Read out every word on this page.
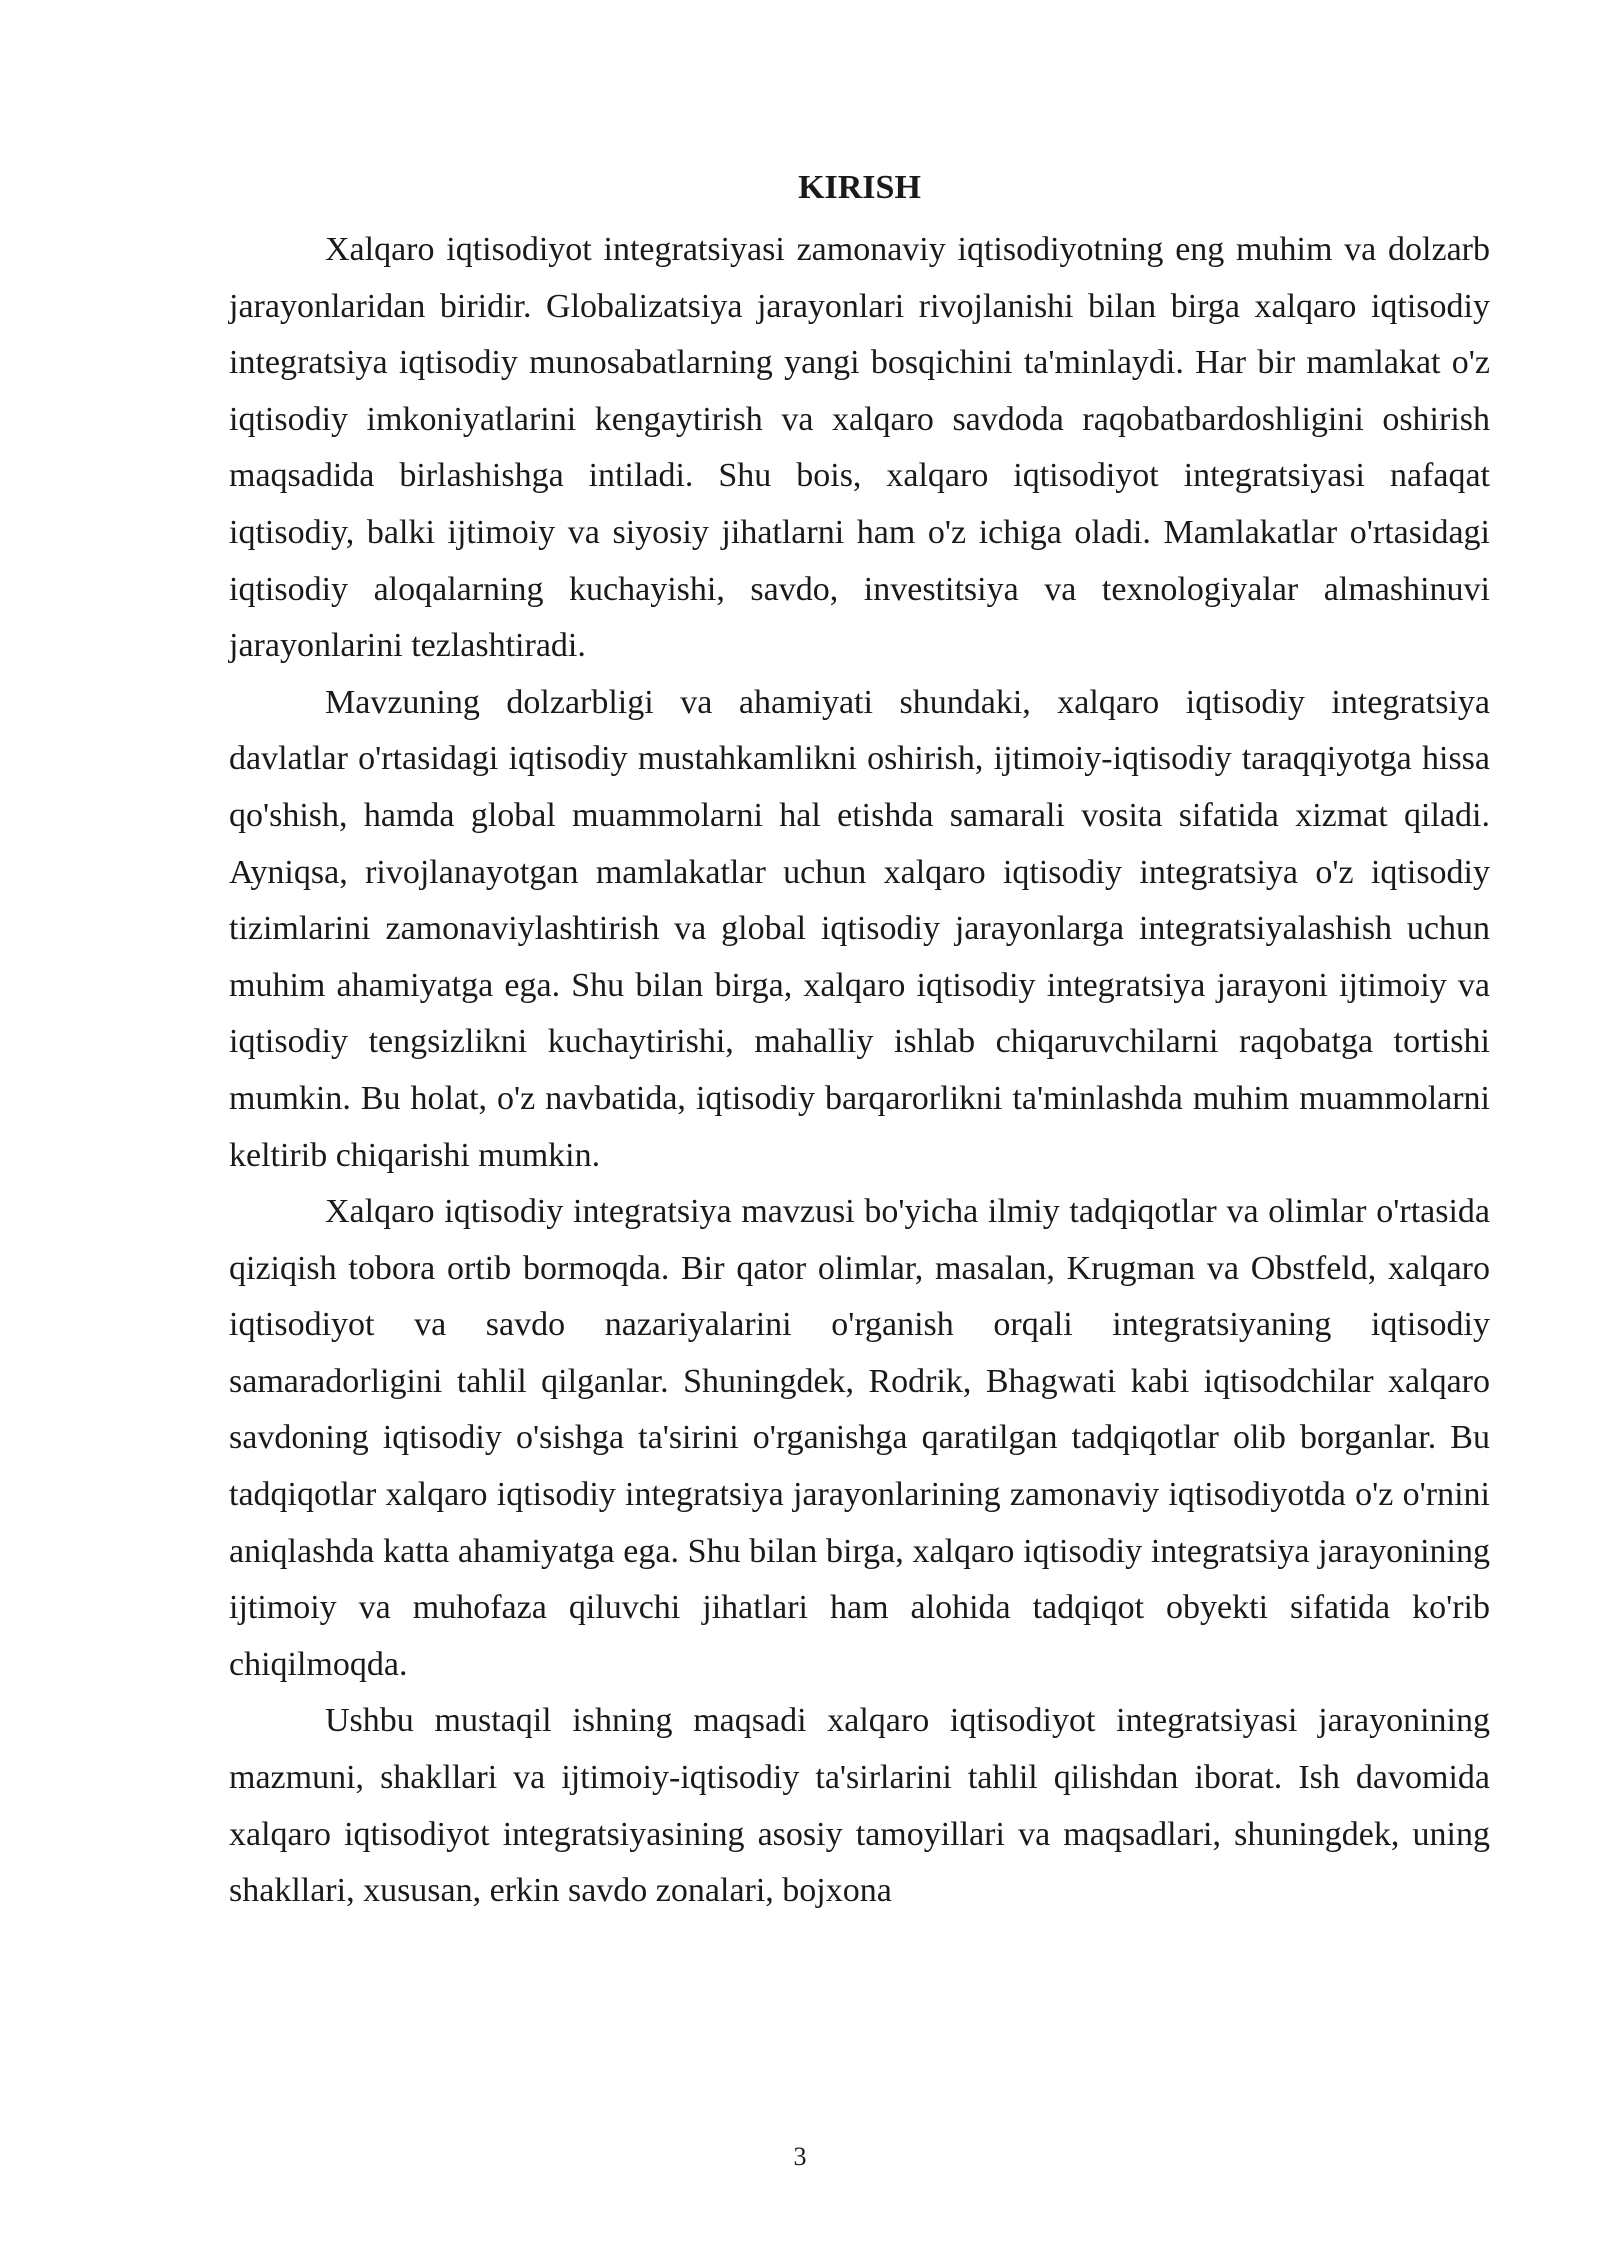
KIRISH

Xalqaro iqtisodiyot integratsiyasi zamonaviy iqtisodiyotning eng muhim va dolzarb jarayonlaridan biridir. Globalizatsiya jarayonlari rivojlanishi bilan birga xalqaro iqtisodiy integratsiya iqtisodiy munosabatlarning yangi bosqichini ta'minlaydi. Har bir mamlakat o'z iqtisodiy imkoniyatlarini kengaytirish va xalqaro savdoda raqobatbardoshligini oshirish maqsadida birlashishga intiladi. Shu bois, xalqaro iqtisodiyot integratsiyasi nafaqat iqtisodiy, balki ijtimoiy va siyosiy jihatlarni ham o'z ichiga oladi. Mamlakatlar o'rtasidagi iqtisodiy aloqalarning kuchayishi, savdo, investitsiya va texnologiyalar almashinuvi jarayonlarini tezlashtiradi.

Mavzuning dolzarbligi va ahamiyati shundaki, xalqaro iqtisodiy integratsiya davlatlar o'rtasidagi iqtisodiy mustahkamlikni oshirish, ijtimoiy-iqtisodiy taraqqiyotga hissa qo'shish, hamda global muammolarni hal etishda samarali vosita sifatida xizmat qiladi. Ayniqsa, rivojlanayotgan mamlakatlar uchun xalqaro iqtisodiy integratsiya o'z iqtisodiy tizimlarini zamonaviylashtirish va global iqtisodiy jarayonlarga integratsiyalashish uchun muhim ahamiyatga ega. Shu bilan birga, xalqaro iqtisodiy integratsiya jarayoni ijtimoiy va iqtisodiy tengsizlikni kuchaytirishi, mahalliy ishlab chiqaruvchilarni raqobatga tortishi mumkin. Bu holat, o'z navbatida, iqtisodiy barqarorlikni ta'minlashda muhim muammolarni keltirib chiqarishi mumkin.

Xalqaro iqtisodiy integratsiya mavzusi bo'yicha ilmiy tadqiqotlar va olimlar o'rtasida qiziqish tobora ortib bormoqda. Bir qator olimlar, masalan, Krugman va Obstfeld, xalqaro iqtisodiyot va savdo nazariyalarini o'rganish orqali integratsiyaning iqtisodiy samaradorligini tahlil qilganlar. Shuningdek, Rodrik, Bhagwati kabi iqtisodchilar xalqaro savdoning iqtisodiy o'sishga ta'sirini o'rganishga qaratilgan tadqiqotlar olib borganlar. Bu tadqiqotlar xalqaro iqtisodiy integratsiya jarayonlarining zamonaviy iqtisodiyotda o'z o'rnini aniqlashda katta ahamiyatga ega. Shu bilan birga, xalqaro iqtisodiy integratsiya jarayonining ijtimoiy va muhofaza qiluvchi jihatlari ham alohida tadqiqot obyekti sifatida ko'rib chiqilmoqda.

Ushbu mustaqil ishning maqsadi xalqaro iqtisodiyot integratsiyasi jarayonining mazmuni, shakllari va ijtimoiy-iqtisodiy ta'sirlarini tahlil qilishdan iborat. Ish davomida xalqaro iqtisodiyot integratsiyasining asosiy tamoyillari va maqsadlari, shuningdek, uning shakllari, xususan, erkin savdo zonalari, bojxona

3
